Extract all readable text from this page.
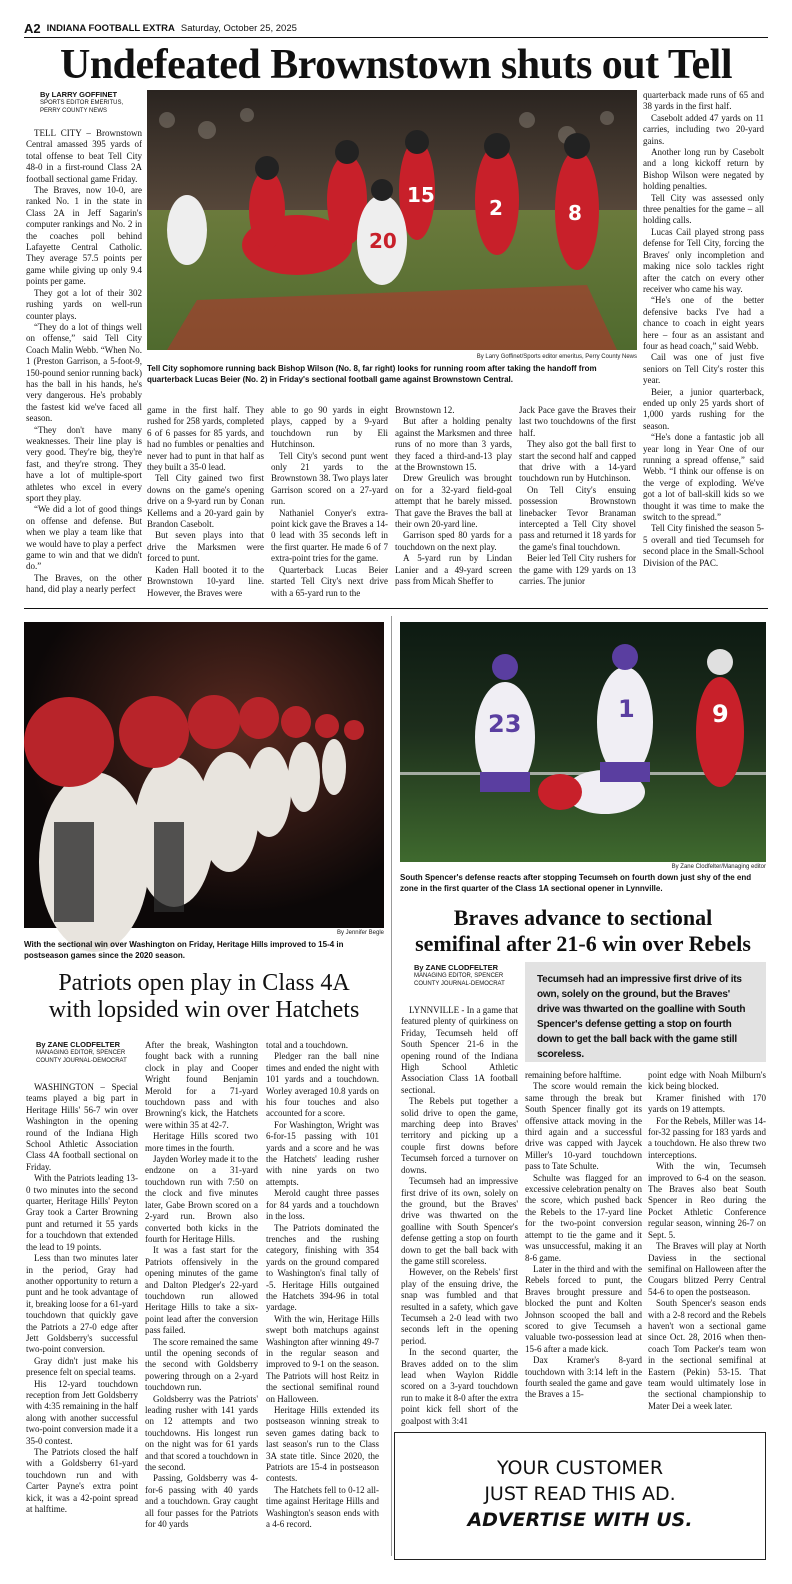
A2 INDIANA FOOTBALL EXTRA Saturday, October 25, 2025
Undefeated Brownstown shuts out Tell
By LARRY GOFFINET
SPORTS EDITOR EMERITUS,
PERRY COUNTY NEWS

TELL CITY – Brownstown Central amassed 395 yards of total offense to beat Tell City 48-0 in a first-round Class 2A football sectional game Friday.

The Braves, now 10-0, are ranked No. 1 in the state in Class 2A in Jeff Sagarin's computer rankings and No. 2 in the coaches poll behind Lafayette Central Catholic. They average 57.5 points per game while giving up only 9.4 points per game.

They got a lot of their 302 rushing yards on well-run counter plays.

“They do a lot of things well on offense,” said Tell City Coach Malin Webb. “When No. 1 (Preston Garrison, a 5-foot-9, 150-pound senior running back) has the ball in his hands, he's very dangerous. He's probably the fastest kid we've faced all season.

“They don't have many weaknesses. Their line play is very good. They're big, they're fast, and they're strong. They have a lot of multiple-sport athletes who excel in every sport they play.

“We did a lot of good things on offense and defense. But when we play a team like that we would have to play a perfect game to win and that we didn't do.”

The Braves, on the other hand, did play a nearly perfect

2
20
8
15
By Larry Goffinet/Sports editor emeritus, Perry County News
Tell City sophomore running back Bishop Wilson (No. 8, far right) looks for running room after taking the handoff from quarterback Lucas Beier (No. 2) in Friday's sectional football game against Brownstown Central.

game in the first half. They rushed for 258 yards, completed 6 of 6 passes for 85 yards, and had no fumbles or penalties and never had to punt in that half as they built a 35-0 lead.

Tell City gained two first downs on the game's opening drive on a 9-yard run by Conan Kellems and a 20-yard gain by Brandon Casebolt.

But seven plays into that drive the Marksmen were forced to punt.

Kaden Hall booted it to the Brownstown 10-yard line. However, the Braves were

able to go 90 yards in eight plays, capped by a 9-yard touchdown run by Eli Hutchinson.

Tell City's second punt went only 21 yards to the Brownstown 38. Two plays later Garrison scored on a 27-yard run.

Nathaniel Conyer's extra-point kick gave the Braves a 14-0 lead with 35 seconds left in the first quarter. He made 6 of 7 extra-point tries for the game.

Quarterback Lucas Beier started Tell City's next drive with a 65-yard run to the

Brownstown 12.

But after a holding penalty against the Marksmen and three runs of no more than 3 yards, they faced a third-and-13 play at the Brownstown 15.

Drew Greulich was brought on for a 32-yard field-goal attempt that he barely missed. That gave the Braves the ball at their own 20-yard line.

Garrison sped 80 yards for a touchdown on the next play.

A 5-yard run by Lindan Lanier and a 49-yard screen pass from Micah Sheffer to

Jack Pace gave the Braves their last two touchdowns of the first half.

They also got the ball first to start the second half and capped that drive with a 14-yard touchdown run by Hutchinson.

On Tell City's ensuing possession Brownstown linebacker Tevor Branaman intercepted a Tell City shovel pass and returned it 18 yards for the game's final touchdown.

Beier led Tell City rushers for the game with 129 yards on 13 carries. The junior

quarterback made runs of 65 and 38 yards in the first half.

Casebolt added 47 yards on 11 carries, including two 20-yard gains.

Another long run by Casebolt and a long kickoff return by Bishop Wilson were negated by holding penalties.

Tell City was assessed only three penalties for the game – all holding calls.

Lucas Cail played strong pass defense for Tell City, forcing the Braves' only incompletion and making nice solo tackles right after the catch on every other receiver who came his way.

“He's one of the better defensive backs I've had a chance to coach in eight years here – four as an assistant and four as head coach,” said Webb.

Cail was one of just five seniors on Tell City's roster this year.

Beier, a junior quarterback, ended up only 25 yards short of 1,000 yards rushing for the season.

“He's done a fantastic job all year long in Year One of our running a spread offense,” said Webb. “I think our offense is on the verge of exploding. We've got a lot of ball-skill kids so we thought it was time to make the switch to the spread.”

Tell City finished the season 5-5 overall and tied Tecumseh for second place in the Small-School Division of the PAC.

By Jennifer Begle
With the sectional win over Washington on Friday, Heritage Hills improved to 15-4 in postseason games since the 2020 season.
Patriots open play in Class 4A
with lopsided win over Hatchets
By ZANE CLODFELTER
MANAGING EDITOR, SPENCER
COUNTY JOURNAL-DEMOCRAT

WASHINGTON – Special teams played a big part in Heritage Hills' 56-7 win over Washington in the opening round of the Indiana High School Athletic Association Class 4A football sectional on Friday.

With the Patriots leading 13-0 two minutes into the second quarter, Heritage Hills' Peyton Gray took a Carter Browning punt and returned it 55 yards for a touchdown that extended the lead to 19 points.

Less than two minutes later in the period, Gray had another opportunity to return a punt and he took advantage of it, breaking loose for a 61-yard touchdown that quickly gave the Patriots a 27-0 edge after Jett Goldsberry's successful two-point conversion.

Gray didn't just make his presence felt on special teams.

His 12-yard touchdown reception from Jett Goldsberry with 4:35 remaining in the half along with another successful two-point conversion made it a 35-0 contest.

The Patriots closed the half with a Goldsberry 61-yard touchdown run and with Carter Payne's extra point kick, it was a 42-point spread at halftime.

After the break, Washington fought back with a running clock in play and Cooper Wright found Benjamin Merold for a 71-yard touchdown pass and with Browning's kick, the Hatchets were within 35 at 42-7.

Heritage Hills scored two more times in the fourth.

Jayden Worley made it to the endzone on a 31-yard touchdown run with 7:50 on the clock and five minutes later, Gabe Brown scored on a 2-yard run. Brown also converted both kicks in the fourth for Heritage Hills.

It was a fast start for the Patriots offensively in the opening minutes of the game and Dalton Pledger's 22-yard touchdown run allowed Heritage Hills to take a six-point lead after the conversion pass failed.

The score remained the same until the opening seconds of the second with Goldsberry powering through on a 2-yard touchdown run.

Goldsberry was the Patriots' leading rusher with 141 yards on 12 attempts and two touchdowns. His longest run on the night was for 61 yards and that scored a touchdown in the second.

Passing, Goldsberry was 4-for-6 passing with 40 yards and a touchdown. Gray caught all four passes for the Patriots for 40 yards

total and a touchdown.

Pledger ran the ball nine times and ended the night with 101 yards and a touchdown. Worley averaged 10.8 yards on his four touches and also accounted for a score.

For Washington, Wright was 6-for-15 passing with 101 yards and a score and he was the Hatchets' leading rusher with nine yards on two attempts.

Merold caught three passes for 84 yards and a touchdown in the loss.

The Patriots dominated the trenches and the rushing category, finishing with 354 yards on the ground compared to Washington's final tally of -5. Heritage Hills outgained the Hatchets 394-96 in total yardage.

With the win, Heritage Hills swept both matchups against Washington after winning 49-7 in the regular season and improved to 9-1 on the season. The Patriots will host Reitz in the sectional semifinal round on Halloween.

Heritage Hills extended its postseason winning streak to seven games dating back to last season's run to the Class 3A state title. Since 2020, the Patriots are 15-4 in postseason contests.

The Hatchets fell to 0-12 all-time against Heritage Hills and Washington's season ends with a 4-6 record.

23
1	9
By Zane Clodfelter/Managing editor
South Spencer's defense reacts after stopping Tecumseh on fourth down just shy of the end zone in the first quarter of the Class 1A sectional opener in Lynnville.
Braves advance to sectional
semifinal after 21-6 win over Rebels
By ZANE CLODFELTER
MANAGING EDITOR, SPENCER
COUNTY JOURNAL-DEMOCRAT	Tecumseh had an impressive first drive of its own, solely on the ground, but the Braves' drive was thwarted on the goalline with South Spencer's defense getting a stop on fourth down to get the ball back with the game still scoreless.

LYNNVILLE - In a game that featured plenty of quirkiness on Friday, Tecumseh held off South Spencer 21-6 in the opening round of the Indiana High School Athletic Association Class 1A football sectional.

The Rebels put together a solid drive to open the game, marching deep into Braves' territory and picking up a couple first downs before Tecumseh forced a turnover on downs.

Tecumseh had an impressive first drive of its own, solely on the ground, but the Braves' drive was thwarted on the goalline with South Spencer's defense getting a stop on fourth down to get the ball back with the game still scoreless.

However, on the Rebels' first play of the ensuing drive, the snap was fumbled and that resulted in a safety, which gave Tecumseh a 2-0 lead with two seconds left in the opening period.

In the second quarter, the Braves added on to the slim lead when Waylon Riddle scored on a 3-yard touchdown run to make it 8-0 after the extra point kick fell short of the goalpost with 3:41

remaining before halftime.

The score would remain the same through the break but South Spencer finally got its offensive attack moving in the third again and a successful drive was capped with Jaycek Miller's 10-yard touchdown pass to Tate Schulte.

Schulte was flagged for an excessive celebration penalty on the score, which pushed back the Rebels to the 17-yard line for the two-point conversion attempt to tie the game and it was unsuccessful, making it an 8-6 game.

Later in the third and with the Rebels forced to punt, the Braves brought pressure and blocked the punt and Kolten Johnson scooped the ball and scored to give Tecumseh a valuable two-possession lead at 15-6 after a made kick.

Dax Kramer's 8-yard touchdown with 3:14 left in the fourth sealed the game and gave the Braves a 15-

point edge with Noah Milburn's kick being blocked.

Kramer finished with 170 yards on 19 attempts.

For the Rebels, Miller was 14-for-32 passing for 183 yards and a touchdown. He also threw two interceptions.

With the win, Tecumseh improved to 6-4 on the season. The Braves also beat South Spencer in Reo during the Pocket Athletic Conference regular season, winning 26-7 on Sept. 5.

The Braves will play at North Daviess in the sectional semifinal on Halloween after the Cougars blitzed Perry Central 54-6 to open the postseason.

South Spencer's season ends with a 2-8 record and the Rebels haven't won a sectional game since Oct. 28, 2016 when then-coach Tom Packer's team won in the sectional semifinal at Eastern (Pekin) 53-15. That team would ultimately lose in the sectional championship to Mater Dei a week later.

YOUR CUSTOMER
JUST READ THIS AD.
ADVERTISE WITH US.
